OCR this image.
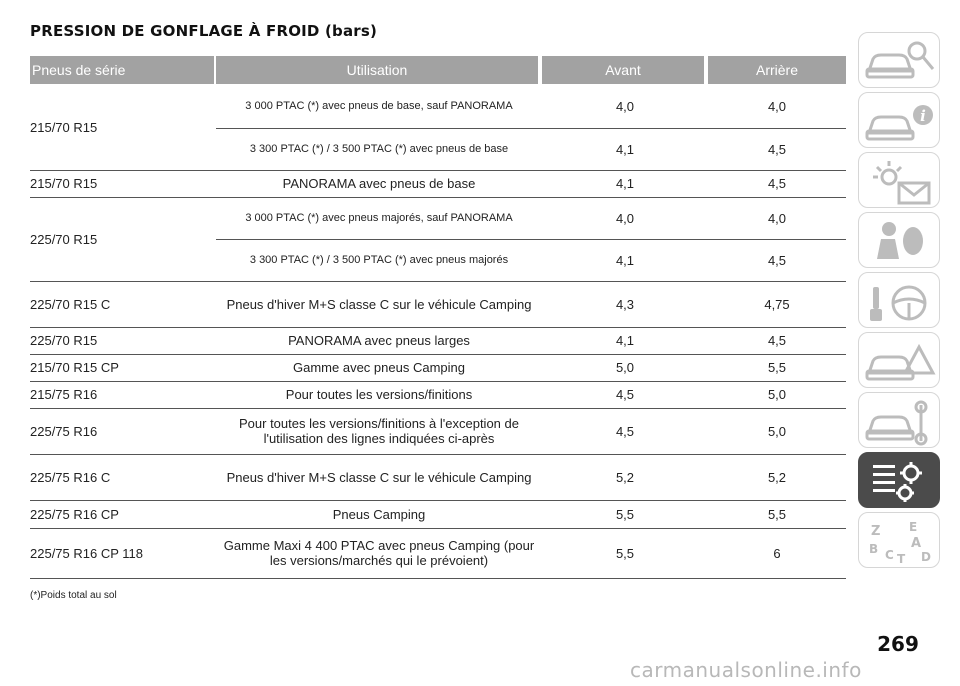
PRESSION DE GONFLAGE À FROID (bars)
Pneus de série	Utilisation	Avant	Arrière
215/70 R15	3 000 PTAC (*) avec pneus de base, sauf PANORAMA	4,0	4,0
	3 300 PTAC (*) / 3 500 PTAC (*) avec pneus de base	4,1	4,5
215/70 R15	PANORAMA avec pneus de base	4,1	4,5
225/70 R15	3 000 PTAC (*) avec pneus majorés, sauf PANORAMA	4,0	4,0
	3 300 PTAC (*) / 3 500 PTAC (*) avec pneus majorés	4,1	4,5
225/70 R15 C	Pneus d'hiver M+S classe C sur le véhicule Camping	4,3	4,75
225/70 R15	PANORAMA avec pneus larges	4,1	4,5
215/70 R15 CP	Gamme avec pneus Camping	5,0	5,5
215/75 R16	Pour toutes les versions/finitions	4,5	5,0
225/75 R16	Pour toutes les versions/finitions à l'exception de l'utilisation des lignes indiquées ci-après	4,5	5,0
225/75 R16 C	Pneus d'hiver M+S classe C sur le véhicule Camping	5,2	5,2
225/75 R16 CP	Pneus Camping	5,5	5,5
225/75 R16 CP 118	Gamme Maxi 4 400 PTAC avec pneus Camping (pour les versions/marchés qui le prévoient)	5,5	6
(*)Poids total au sol
i
Z E
A
B C T D
269
carmanualsonline.info
